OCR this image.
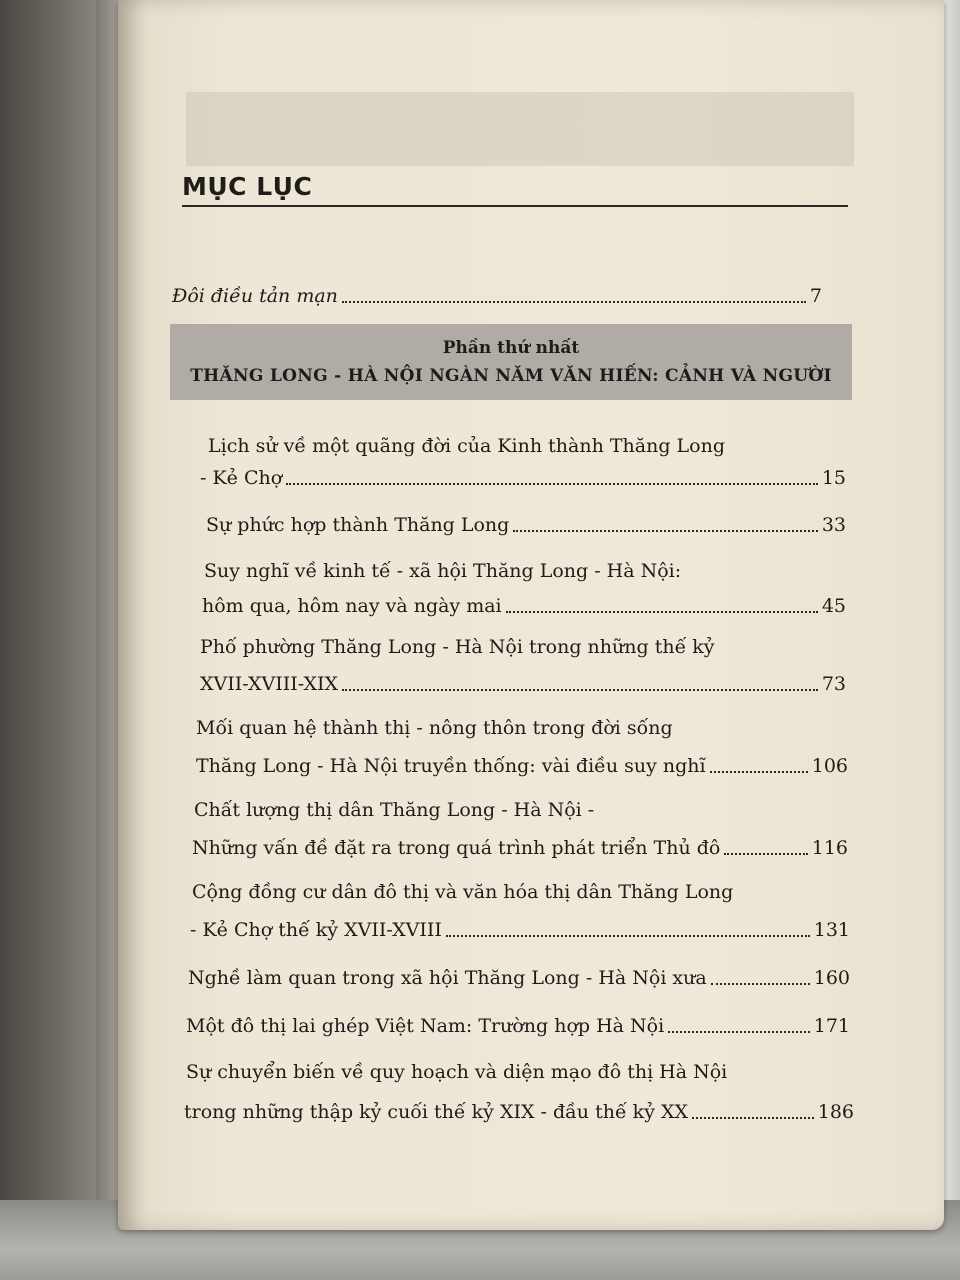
MỤC LỤC
Đôi điều tản mạn	7
Phần thứ nhất
THĂNG LONG - HÀ NỘI NGÀN NĂM VĂN HIẾN: CẢNH VÀ NGƯỜI
Lịch sử về một quãng đời của Kinh thành Thăng Long
- Kẻ Chợ	15
Sự phức hợp thành Thăng Long	33
Suy nghĩ về kinh tế - xã hội Thăng Long - Hà Nội:
hôm qua, hôm nay và ngày mai	45
Phố phường Thăng Long - Hà Nội trong những thế kỷ
XVII-XVIII-XIX	73
Mối quan hệ thành thị - nông thôn trong đời sống
Thăng Long - Hà Nội truyền thống: vài điều suy nghĩ	106
Chất lượng thị dân Thăng Long - Hà Nội -
Những vấn đề đặt ra trong quá trình phát triển Thủ đô	116
Cộng đồng cư dân đô thị và văn hóa thị dân Thăng Long
- Kẻ Chợ thế kỷ XVII-XVIII	131
Nghề làm quan trong xã hội Thăng Long - Hà Nội xưa	160
Một đô thị lai ghép Việt Nam: Trường hợp Hà Nội	171
Sự chuyển biến về quy hoạch và diện mạo đô thị Hà Nội
trong những thập kỷ cuối thế kỷ XIX - đầu thế kỷ XX	186
